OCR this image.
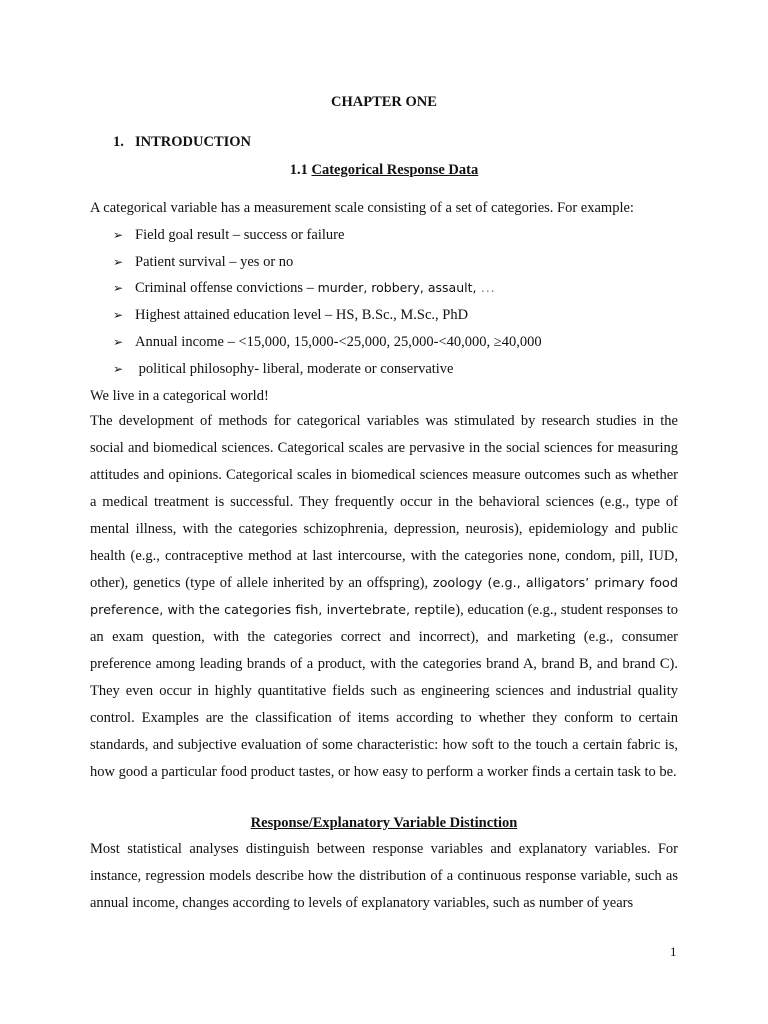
CHAPTER ONE
1. INTRODUCTION
1.1 Categorical Response Data
A categorical variable has a measurement scale consisting of a set of categories. For example:
➢ Field goal result – success or failure
➢ Patient survival – yes or no
➢ Criminal offense convictions – murder, robbery, assault, …
➢ Highest attained education level – HS, B.Sc., M.Sc., PhD
➢ Annual income – <15,000, 15,000-<25,000, 25,000-<40,000, ≥40,000
➢ political philosophy- liberal, moderate or conservative
We live in a categorical world!
The development of methods for categorical variables was stimulated by research studies in the social and biomedical sciences. Categorical scales are pervasive in the social sciences for measuring attitudes and opinions. Categorical scales in biomedical sciences measure outcomes such as whether a medical treatment is successful. They frequently occur in the behavioral sciences (e.g., type of mental illness, with the categories schizophrenia, depression, neurosis), epidemiology and public health (e.g., contraceptive method at last intercourse, with the categories none, condom, pill, IUD, other), genetics (type of allele inherited by an offspring), zoology (e.g., alligators’ primary food preference, with the categories fish, invertebrate, reptile), education (e.g., student responses to an exam question, with the categories correct and incorrect), and marketing (e.g., consumer preference among leading brands of a product, with the categories brand A, brand B, and brand C). They even occur in highly quantitative fields such as engineering sciences and industrial quality control. Examples are the classification of items according to whether they conform to certain standards, and subjective evaluation of some characteristic: how soft to the touch a certain fabric is, how good a particular food product tastes, or how easy to perform a worker finds a certain task to be.
Response/Explanatory Variable Distinction
Most statistical analyses distinguish between response variables and explanatory variables. For instance, regression models describe how the distribution of a continuous response variable, such as annual income, changes according to levels of explanatory variables, such as number of years
1
